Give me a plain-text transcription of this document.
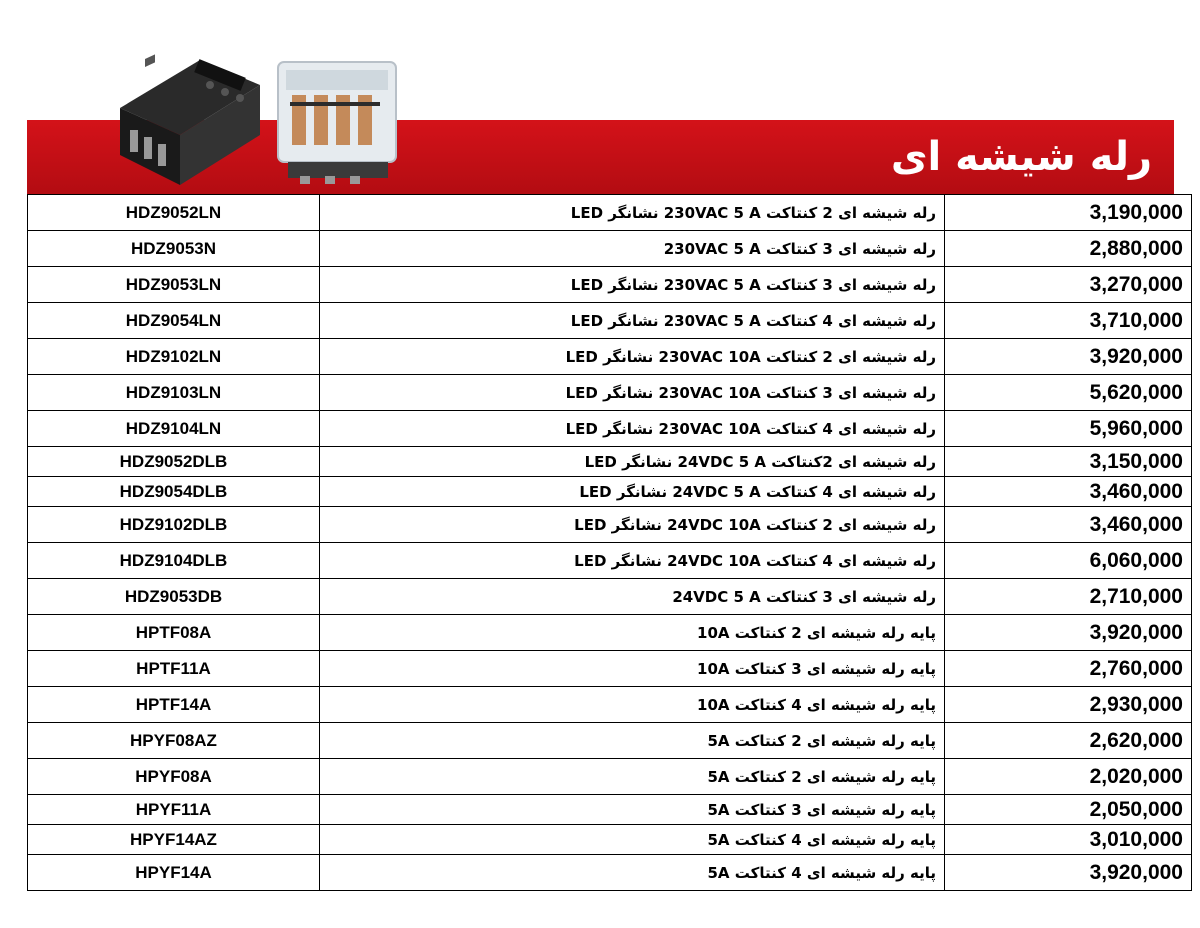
رله شیشه ای
HDZ9052LN	رله شیشه ای 2 کنتاکت 230VAC 5 A نشانگر LED	3,190,000
HDZ9053N	رله شیشه ای 3 کنتاکت 230VAC 5 A	2,880,000
HDZ9053LN	رله شیشه ای 3 کنتاکت 230VAC 5 A نشانگر LED	3,270,000
HDZ9054LN	رله شیشه ای 4 کنتاکت 230VAC 5 A نشانگر LED	3,710,000
HDZ9102LN	رله شیشه ای 2 کنتاکت 230VAC 10A نشانگر LED	3,920,000
HDZ9103LN	رله شیشه ای 3 کنتاکت 230VAC 10A نشانگر LED	5,620,000
HDZ9104LN	رله شیشه ای 4 کنتاکت 230VAC 10A نشانگر LED	5,960,000
HDZ9052DLB	رله شیشه ای 2کنتاکت 24VDC 5 A نشانگر LED	3,150,000
HDZ9054DLB	رله شیشه ای 4 کنتاکت 24VDC 5 A نشانگر LED	3,460,000
HDZ9102DLB	رله شیشه ای 2 کنتاکت 24VDC 10A نشانگر LED	3,460,000
HDZ9104DLB	رله شیشه ای 4 کنتاکت 24VDC 10A نشانگر LED	6,060,000
HDZ9053DB	رله شیشه ای 3 کنتاکت 24VDC 5 A	2,710,000
HPTF08A	پایه رله شیشه ای 2 کنتاکت 10A	3,920,000
HPTF11A	پایه رله شیشه ای 3 کنتاکت 10A	2,760,000
HPTF14A	پایه رله شیشه ای 4 کنتاکت 10A	2,930,000
HPYF08AZ	پایه رله شیشه ای 2 کنتاکت 5A	2,620,000
HPYF08A	پایه رله شیشه ای 2 کنتاکت 5A	2,020,000
HPYF11A	پایه رله شیشه ای 3 کنتاکت 5A	2,050,000
HPYF14AZ	پایه رله شیشه ای 4 کنتاکت 5A	3,010,000
HPYF14A	پایه رله شیشه ای 4 کنتاکت 5A	3,920,000
